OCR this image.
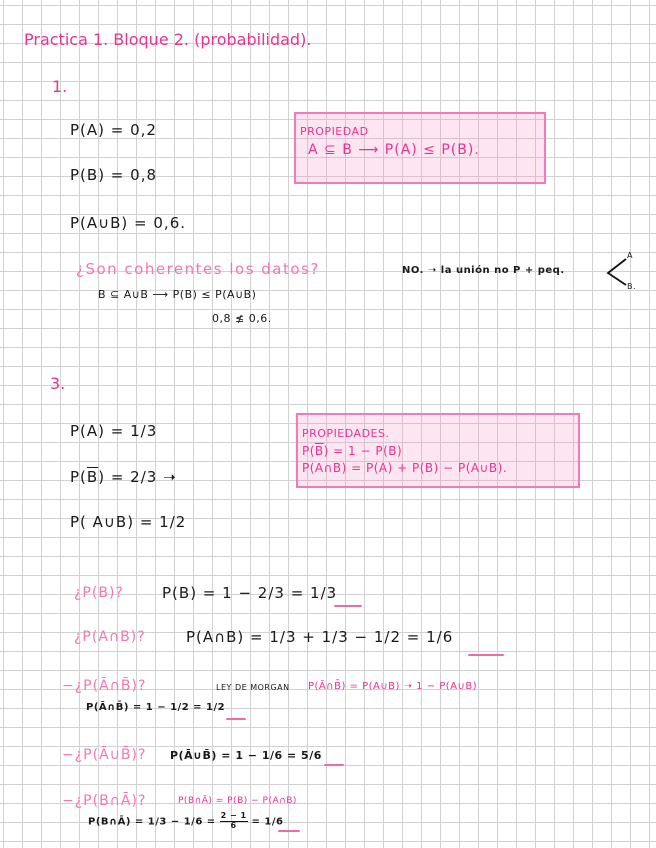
Practica 1. Bloque 2. (probabilidad).
1.
P(A) = 0,2
P(B) = 0,8
P(A∪B) = 0,6.
PROPIEDAD
A ⊆ B ⟶ P(A) ≤ P(B).
¿Son coherentes los datos?	NO. ➝ la unión no P + peq.
A
B.
B ⊆ A∪B ⟶ P(B) ≤ P(A∪B)
0,8 ≰ 0,6.
3.
P(A) = 1/3
$P(\overline{B}) = 2/3$ ➝
P( A∪B) = 1/2
PROPIEDADES.
$P(\overline{B}) = 1 - P(B)$
P(A∩B) = P(A) + P(B) − P(A∪B).
¿P(B)?	P(B) = 1 − 2/3 = 1/3
¿P(A∩B)?	P(A∩B) = 1/3 + 1/3 − 1/2 = 1/6
−¿P(Ā∩B̄)?	LEY DE MORGAN P(Ā∩B̄) = P(A∪B) ➝ 1 − P(A∪B)
P(Ā∩B̄) = 1 − 1/2 = 1/2
−¿P(Ā∪B̄)? P(Ā∪B̄) = 1 − 1/6 = 5/6
−¿P(B∩Ā)?	P(B∩Ā) = P(B) − P(A∩B)
P(B∩Ā) = $1/3 - 1/6 = \frac{2 - 1}{6} = 1/6$
